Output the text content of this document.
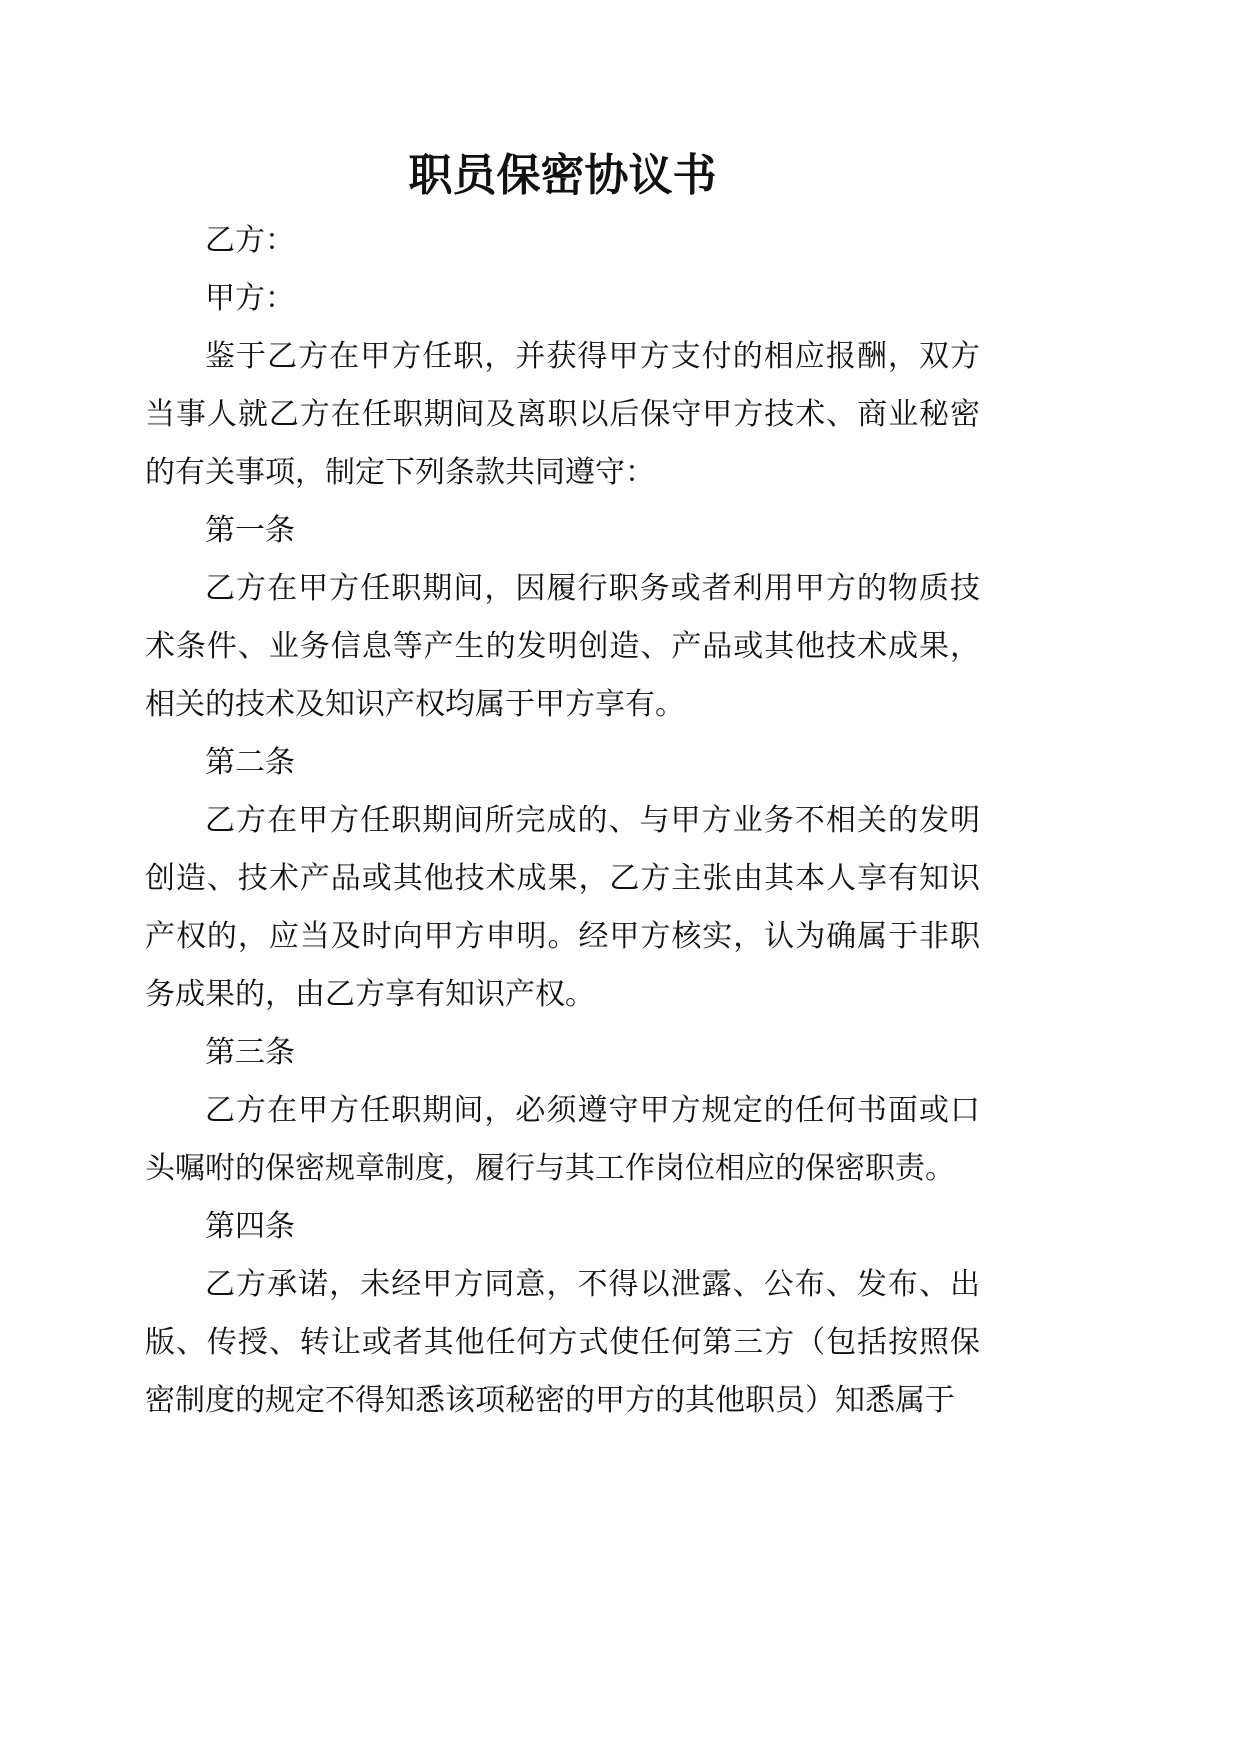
职员保密协议书

乙方：

甲方：

鉴于乙方在甲方任职，并获得甲方支付的相应报酬，双方当事人就乙方在任职期间及离职以后保守甲方技术、商业秘密的有关事项，制定下列条款共同遵守：

第一条

乙方在甲方任职期间，因履行职务或者利用甲方的物质技术条件、业务信息等产生的发明创造、产品或其他技术成果，相关的技术及知识产权均属于甲方享有。

第二条

乙方在甲方任职期间所完成的、与甲方业务不相关的发明创造、技术产品或其他技术成果，乙方主张由其本人享有知识产权的，应当及时向甲方申明。经甲方核实，认为确属于非职务成果的，由乙方享有知识产权。

第三条

乙方在甲方任职期间，必须遵守甲方规定的任何书面或口头嘱咐的保密规章制度，履行与其工作岗位相应的保密职责。

第四条

乙方承诺，未经甲方同意，不得以泄露、公布、发布、出版、传授、转让或者其他任何方式使任何第三方（包括按照保密制度的规定不得知悉该项秘密的甲方的其他职员）知悉属于
